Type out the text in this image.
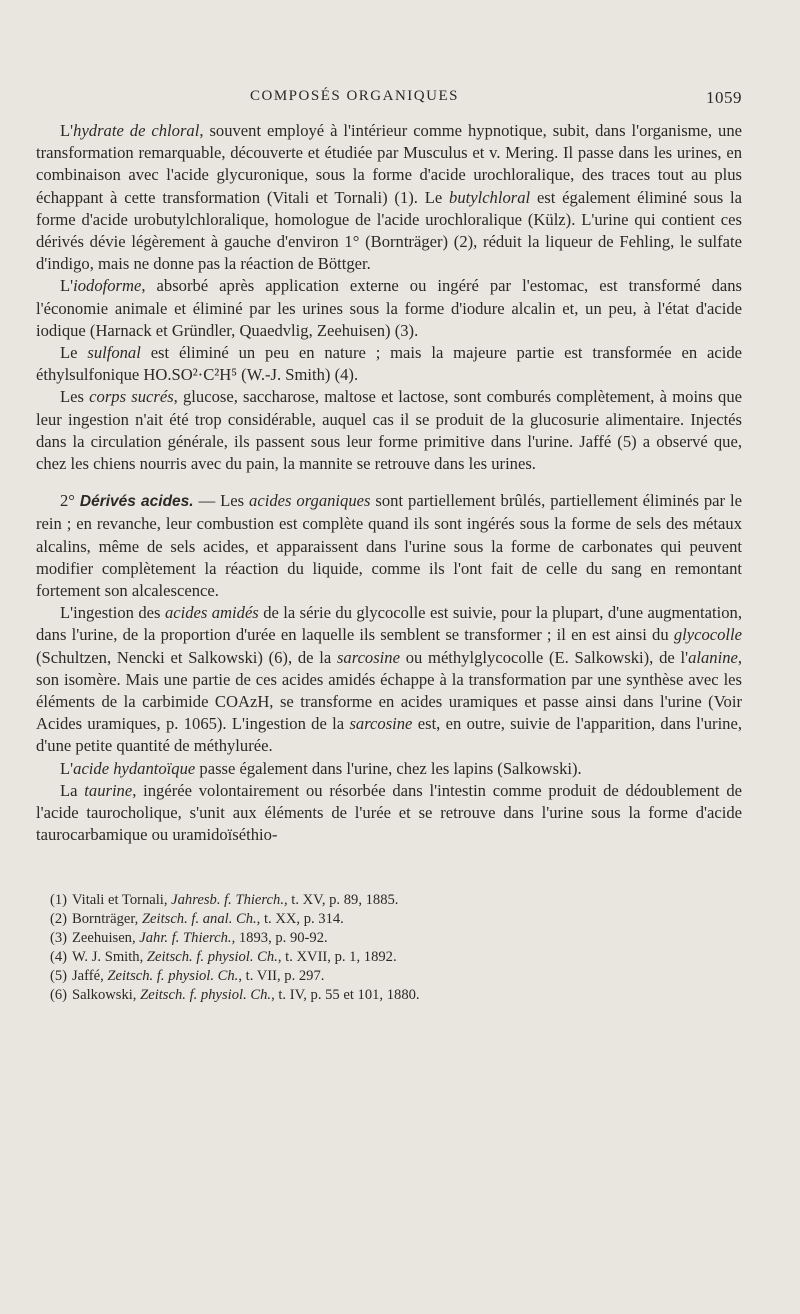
COMPOSÉS ORGANIQUES	1059

L'hydrate de chloral, souvent employé à l'intérieur comme hypnotique, subit, dans l'organisme, une transformation remarquable, découverte et étudiée par Musculus et v. Mering. Il passe dans les urines, en combinaison avec l'acide glycuronique, sous la forme d'acide urochloralique, des traces tout au plus échappant à cette transformation (Vitali et Tornali) (1). Le butylchloral est également éliminé sous la forme d'acide urobutylchloralique, homologue de l'acide urochloralique (Külz). L'urine qui contient ces dérivés dévie légèrement à gauche d'environ 1° (Bornträger) (2), réduit la liqueur de Fehling, le sulfate d'indigo, mais ne donne pas la réaction de Böttger.

L'iodoforme, absorbé après application externe ou ingéré par l'estomac, est transformé dans l'économie animale et éliminé par les urines sous la forme d'iodure alcalin et, un peu, à l'état d'acide iodique (Harnack et Gründler, Quaedvlig, Zeehuisen) (3).

Le sulfonal est éliminé un peu en nature ; mais la majeure partie est transformée en acide éthylsulfonique HO.SO²·C²H⁵ (W.-J. Smith) (4).

Les corps sucrés, glucose, saccharose, maltose et lactose, sont comburés complètement, à moins que leur ingestion n'ait été trop considérable, auquel cas il se produit de la glucosurie alimentaire. Injectés dans la circulation générale, ils passent sous leur forme primitive dans l'urine. Jaffé (5) a observé que, chez les chiens nourris avec du pain, la mannite se retrouve dans les urines.

2° Dérivés acides. — Les acides organiques sont partiellement brûlés, partiellement éliminés par le rein ; en revanche, leur combustion est complète quand ils sont ingérés sous la forme de sels des métaux alcalins, même de sels acides, et apparaissent dans l'urine sous la forme de carbonates qui peuvent modifier complètement la réaction du liquide, comme ils l'ont fait de celle du sang en remontant fortement son alcalescence.

L'ingestion des acides amidés de la série du glycocolle est suivie, pour la plupart, d'une augmentation, dans l'urine, de la proportion d'urée en laquelle ils semblent se transformer ; il en est ainsi du glycocolle (Schultzen, Nencki et Salkowski) (6), de la sarcosine ou méthylglycocolle (E. Salkowski), de l'alanine, son isomère. Mais une partie de ces acides amidés échappe à la transformation par une synthèse avec les éléments de la carbimide COAzH, se transforme en acides uramiques et passe ainsi dans l'urine (Voir Acides uramiques, p. 1065). L'ingestion de la sarcosine est, en outre, suivie de l'apparition, dans l'urine, d'une petite quantité de méthylurée.

L'acide hydantoïque passe également dans l'urine, chez les lapins (Salkowski).

La taurine, ingérée volontairement ou résorbée dans l'intestin comme produit de dédoublement de l'acide taurocholique, s'unit aux éléments de l'urée et se retrouve dans l'urine sous la forme d'acide taurocarbamique ou uramidoïséthio-

(1) Vitali et Tornali, Jahresb. f. Thierch., t. XV, p. 89, 1885.
(2) Bornträger, Zeitsch. f. anal. Ch., t. XX, p. 314.
(3) Zeehuisen, Jahr. f. Thierch., 1893, p. 90-92.
(4) W. J. Smith, Zeitsch. f. physiol. Ch., t. XVII, p. 1, 1892.
(5) Jaffé, Zeitsch. f. physiol. Ch., t. VII, p. 297.
(6) Salkowski, Zeitsch. f. physiol. Ch., t. IV, p. 55 et 101, 1880.
